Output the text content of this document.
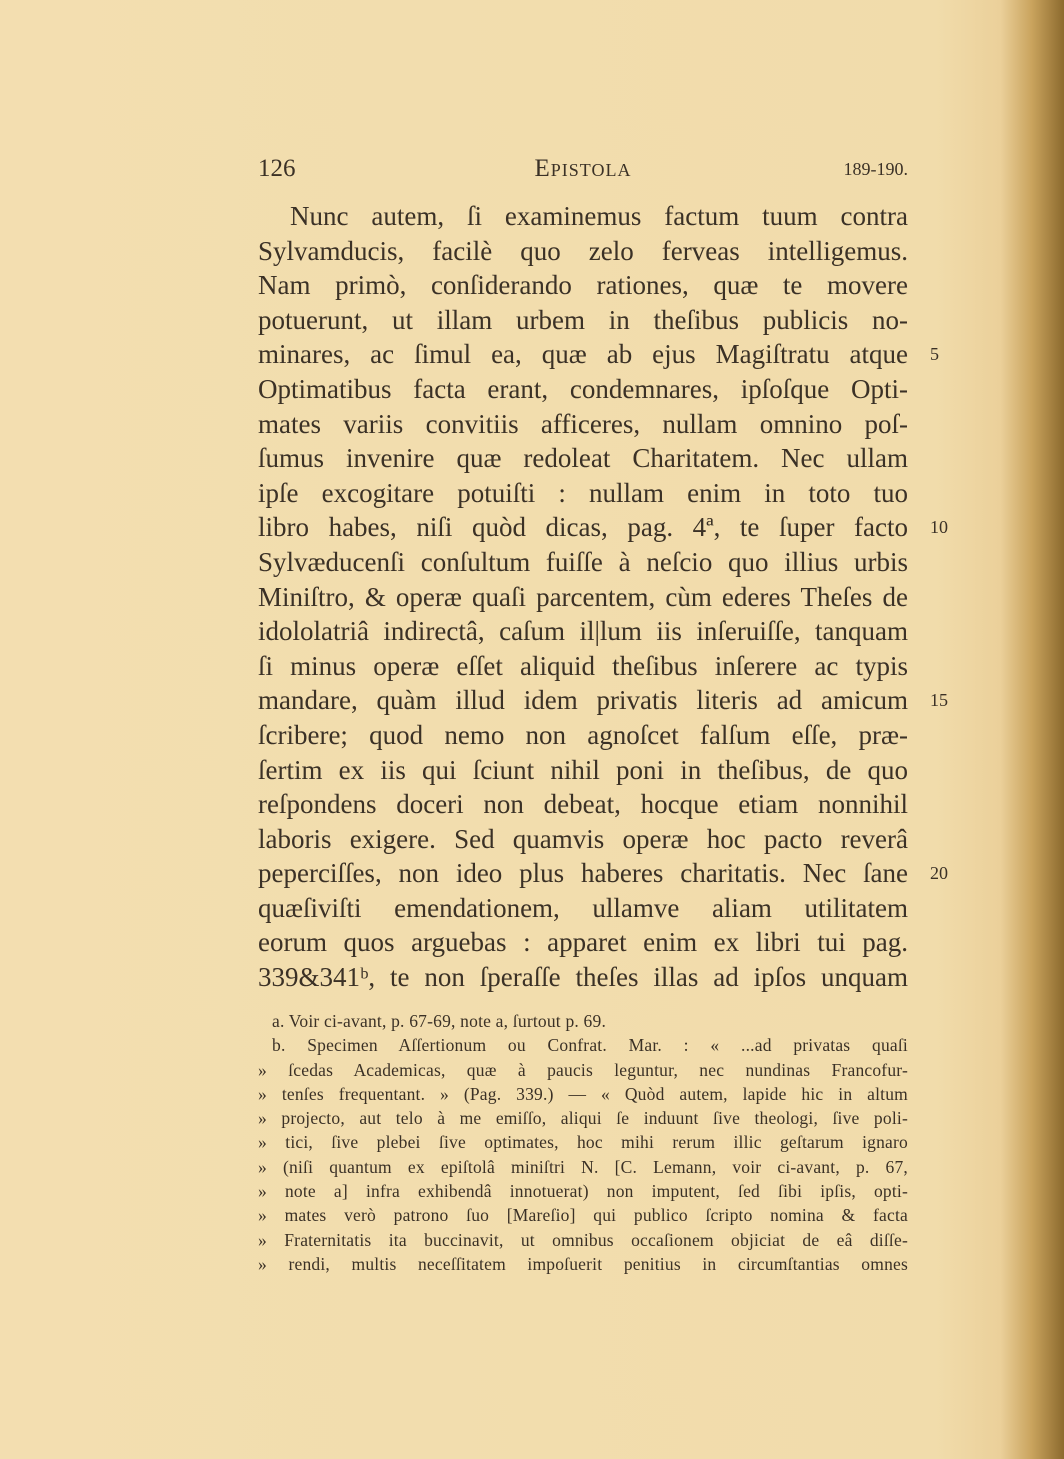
126	Epistola	189-190.
Nunc autem, ſi examinemus factum tuum contra
Sylvamducis, facilè quo zelo ferveas intelligemus.
Nam primò, conſiderando rationes, quæ te movere
potuerunt, ut illam urbem in theſibus publicis no-
minares, ac ſimul ea, quæ ab ejus Magiſtratu atque
Optimatibus facta erant, condemnares, ipſoſque Opti-
mates variis convitiis afficeres, nullam omnino poſ-
ſumus invenire quæ redoleat Charitatem. Nec ullam
ipſe excogitare potuiſti : nullam enim in toto tuo
libro habes, niſi quòd dicas, pag. 4ª, te ſuper facto
Sylvæducenſi conſultum fuiſſe à neſcio quo illius urbis
Miniſtro, & operæ quaſi parcentem, cùm ederes Theſes de
idololatriâ indirectâ, caſum il|lum iis inſeruiſſe, tanquam
ſi minus operæ eſſet aliquid theſibus inſerere ac typis
mandare, quàm illud idem privatis literis ad amicum
ſcribere; quod nemo non agnoſcet falſum eſſe, præ-
ſertim ex iis qui ſciunt nihil poni in theſibus, de quo
reſpondens doceri non debeat, hocque etiam nonnihil
laboris exigere. Sed quamvis operæ hoc pacto reverâ
peperciſſes, non ideo plus haberes charitatis. Nec ſane
quæſiviſti emendationem, ullamve aliam utilitatem
eorum quos arguebas : apparet enim ex libri tui pag.
339&341ᵇ, te non ſperaſſe theſes illas ad ipſos unquam
5
10
15
20
a. Voir ci-avant, p. 67-69, note a, ſurtout p. 69.
b. Specimen Aſſertionum ou Confrat. Mar. : « ...ad privatas quaſi
» ſcedas Academicas, quæ à paucis leguntur, nec nundinas Francofur-
» tenſes frequentant. » (Pag. 339.) — « Quòd autem, lapide hic in altum
» projecto, aut telo à me emiſſo, aliqui ſe induunt ſive theologi, ſive poli-
» tici, ſive plebei ſive optimates, hoc mihi rerum illic geſtarum ignaro
» (niſi quantum ex epiſtolâ miniſtri N. [C. Lemann, voir ci-avant, p. 67,
» note a] infra exhibendâ innotuerat) non imputent, ſed ſibi ipſis, opti-
» mates verò patrono ſuo [Mareſio] qui publico ſcripto nomina & facta
» Fraternitatis ita buccinavit, ut omnibus occaſionem objiciat de eâ diſſe-
» rendi, multis neceſſitatem impoſuerit penitius in circumſtantias omnes
